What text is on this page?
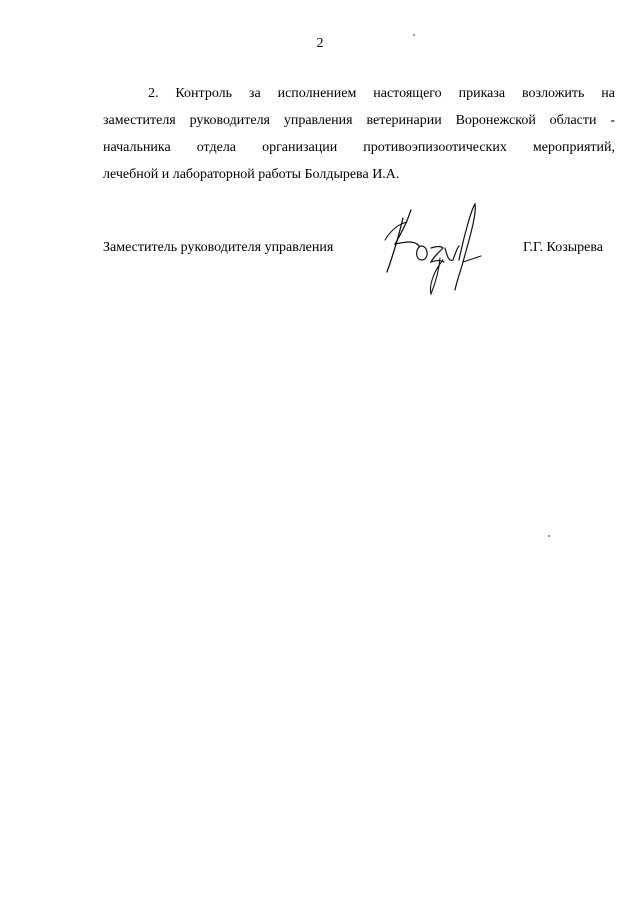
2
2. Контроль за исполнением настоящего приказа возложить на
заместителя руководителя управления ветеринарии Воронежской области -
начальника отдела организации противоэпизоотических мероприятий,
лечебной и лабораторной работы Болдырева И.А.
Заместитель руководителя управления	Г.Г. Козырева
